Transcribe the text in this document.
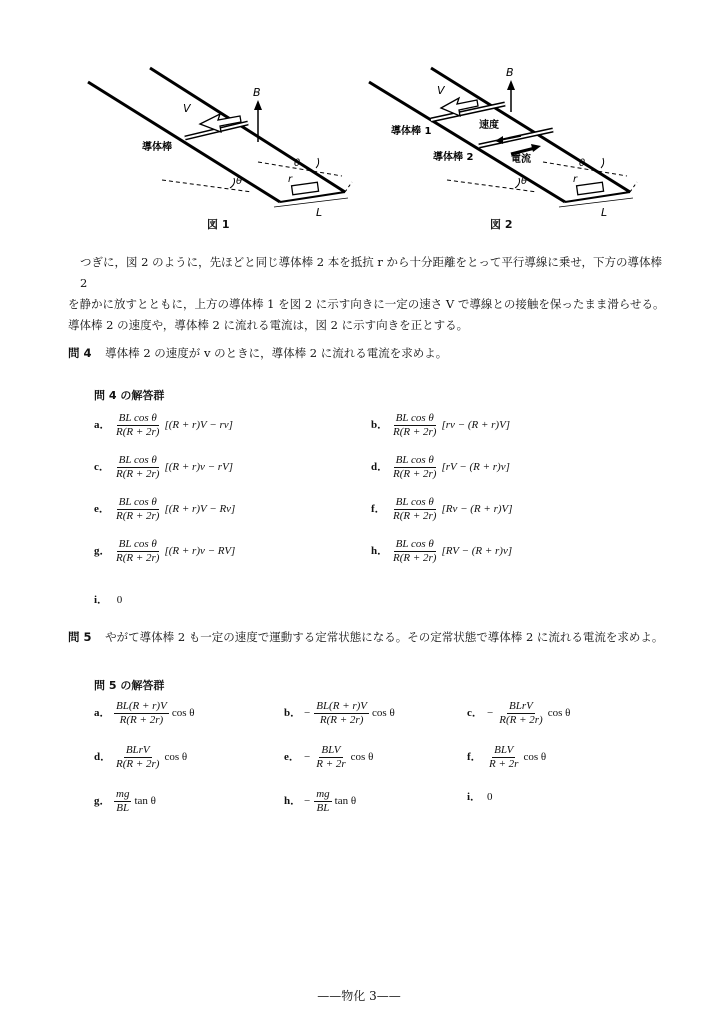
V
B
導体棒
θ
θ
r
L
図 1
V
B
導体棒 1
導体棒 2
速度
電流
θ
θ
r
L
図 2
つぎに，図 2 のように，先ほどと同じ導体棒 2 本を抵抗 r から十分距離をとって平行導線に乗せ，下方の導体棒 2
を静かに放すとともに，上方の導体棒 1 を図 2 に示す向きに一定の速さ V で導線との接触を保ったまま滑らせる。
導体棒 2 の速度や，導体棒 2 に流れる電流は，図 2 に示す向きを正とする。
問 4 導体棒 2 の速度が v のときに，導体棒 2 に流れる電流を求めよ。
問 4 の解答群
a． $\frac{\text{BL cos θ}}{R(R + 2r)} [(R + r)V - rv]$	b． $\frac{\text{BL cos θ}}{R(R + 2r)} [rv - (R + r)V]$
c． $\frac{\text{BL cos θ}}{R(R + 2r)} [(R + r)v - rV]$	d． $\frac{\text{BL cos θ}}{R(R + 2r)} [rV - (R + r)v]$
e． $\frac{\text{BL cos θ}}{R(R + 2r)} [(R + r)V - Rv]$	f． $\frac{\text{BL cos θ}}{R(R + 2r)} [Rv - (R + r)V]$
g． $\frac{\text{BL cos θ}}{R(R + 2r)} [(R + r)v - RV]$	h． $\frac{\text{BL cos θ}}{R(R + 2r)} [RV - (R + r)v]$
i． 0
問 5 やがて導体棒 2 も一定の速度で運動する定常状態になる。その定常状態で導体棒 2 に流れる電流を求めよ。
問 5 の解答群
a． $\frac{BL(R + r)V}{R(R + 2r)}$ cos θ	b． − $\frac{BL(R + r)V}{R(R + 2r)}$ cos θ	c． − $\frac{\text{BLrV}}{R(R + 2r)}$ cos θ
d． $\frac{\text{BLrV}}{R(R + 2r)}$ cos θ	e． − $\frac{\text{BLV}}{R + 2r}$ cos θ	f． $\frac{\text{BLV}}{R + 2r}$ cos θ
g． $\frac{mg}{BL}$ tan θ	h． − $\frac{mg}{BL}$ tan θ	i． 0
——物化 3——
